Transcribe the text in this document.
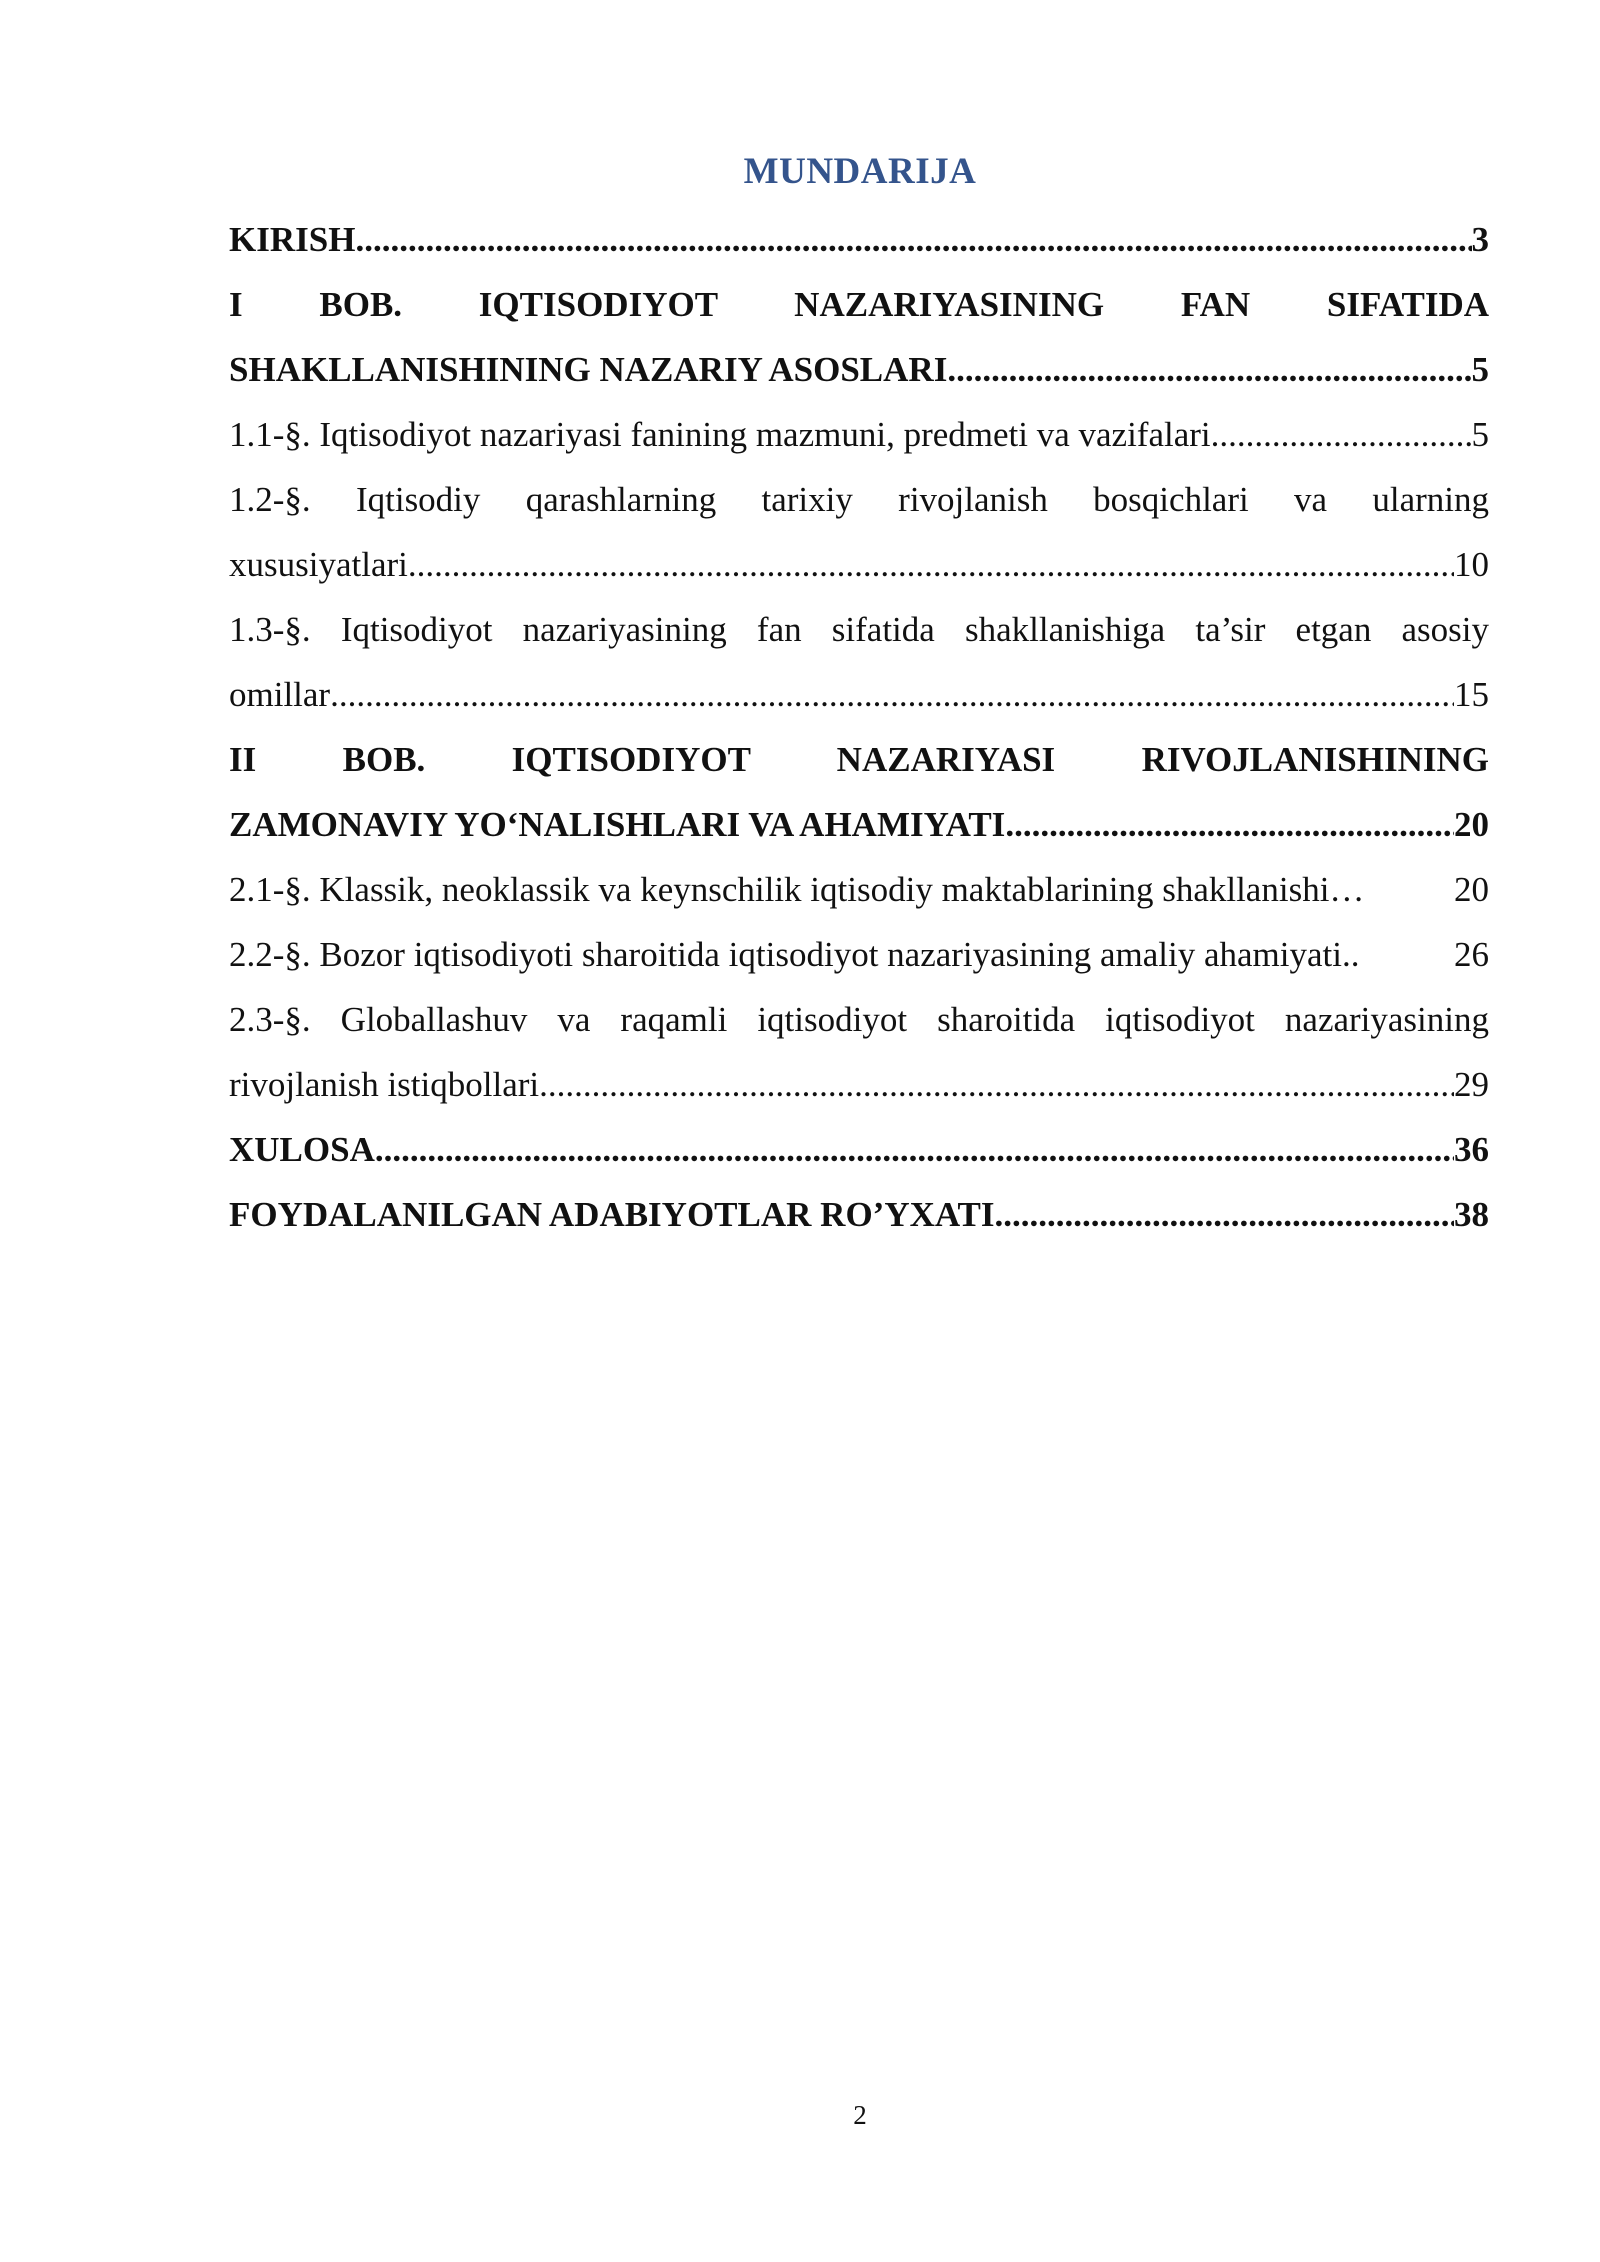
MUNDARIJA
KIRISH .....	3
I BOB. IQTISODIYOT NAZARIYASINING FAN SIFATIDA
SHAKLLANISHINING NAZARIY ASOSLARI .....	5
1.1-§. Iqtisodiyot nazariyasi fanining mazmuni, predmeti va vazifalari .....	5
1.2-§. Iqtisodiy qarashlarning tarixiy rivojlanish bosqichlari va ularning
xususiyatlari .....	10
1.3-§. Iqtisodiyot nazariyasining fan sifatida shakllanishiga ta’sir etgan asosiy
omillar .....	15
II BOB. IQTISODIYOT NAZARIYASI RIVOJLANISHINING
ZAMONAVIY YO‘NALISHLARI VA AHAMIYATI .....	20
2.1-§. Klassik, neoklassik va keynschilik iqtisodiy maktablarining shakllanishi…	20
2.2-§. Bozor iqtisodiyoti sharoitida iqtisodiyot nazariyasining amaliy ahamiyati..	26
2.3-§. Globallashuv va raqamli iqtisodiyot sharoitida iqtisodiyot nazariyasining
rivojlanish istiqbollari .....	29
XULOSA .....	36
FOYDALANILGAN ADABIYOTLAR RO’YXATI .....	38
2
